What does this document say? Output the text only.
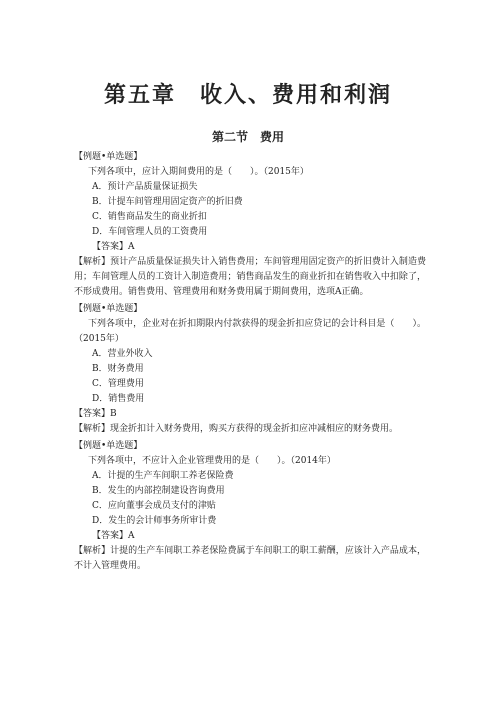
第五章　收入、费用和利润
第二节　费用
【例题•单选题】
下列各项中，应计入期间费用的是（　　）。（2015年）
A．预计产品质量保证损失
B．计提车间管理用固定资产的折旧费
C．销售商品发生的商业折扣
D．车间管理人员的工资费用
【答案】A
【解析】预计产品质量保证损失计入销售费用；车间管理用固定资产的折旧费计入制造费用；车间管理人员的工资计入制造费用；销售商品发生的商业折扣在销售收入中扣除了，不形成费用。销售费用、管理费用和财务费用属于期间费用，选项A正确。
【例题•单选题】
下列各项中，企业对在折扣期限内付款获得的现金折扣应贷记的会计科目是（　　）。（2015年）
A．营业外收入
B．财务费用
C．管理费用
D．销售费用
【答案】B
【解析】现金折扣计入财务费用，购买方获得的现金折扣应冲减相应的财务费用。
【例题•单选题】
下列各项中，不应计入企业管理费用的是（　　）。（2014年）
A．计提的生产车间职工养老保险费
B．发生的内部控制建设咨询费用
C．应向董事会成员支付的津贴
D．发生的会计师事务所审计费
【答案】A
【解析】计提的生产车间职工养老保险费属于车间职工的职工薪酬，应该计入产品成本，不计入管理费用。
